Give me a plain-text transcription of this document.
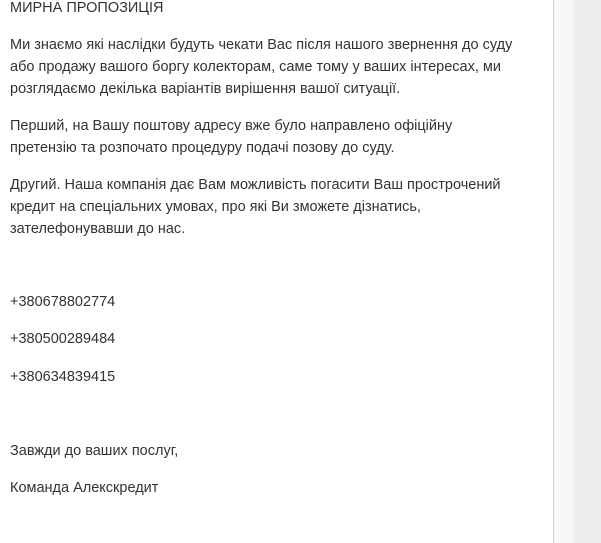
МИРНА ПРОПОЗИЦІЯ
Ми знаємо які наслідки будуть чекати Вас після нашого звернення до суду
або продажу вашого боргу колекторам, саме тому у ваших інтересах, ми
розглядаємо декілька варіантів вирішення вашої ситуації.
Перший, на Вашу поштову адресу вже було направлено офіційну
претензію та розпочато процедуру подачі позову до суду.
Другий. Наша компанія дає Вам можливість погасити Ваш прострочений
кредит на спеціальних умовах, про які Ви зможете дізнатись,
зателефонувавши до нас.
+380678802774
+380500289484
+380634839415
Завжди до ваших послуг,
Команда Алекскредит
